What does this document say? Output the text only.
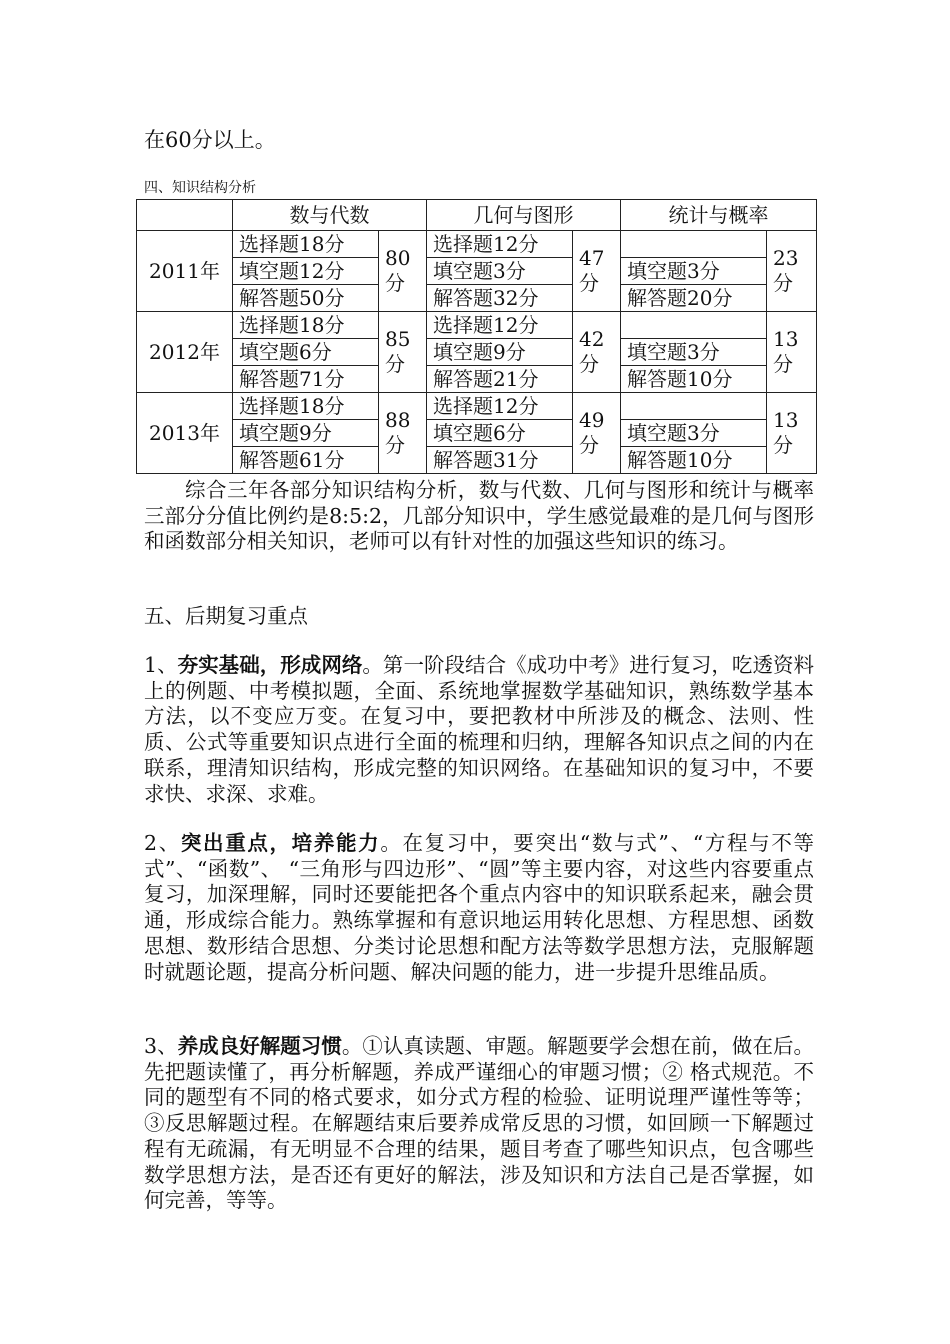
在60分以上。
四、知识结构分析
	数与代数		几何与图形		统计与概率	
2011年	选择题18分	80分	选择题12分	47分		23分
	填空题12分		填空题3分		填空题3分	
	解答题50分		解答题32分		解答题20分	
2012年	选择题18分	85分	选择题12分	42分		13分
	填空题6分		填空题9分		填空题3分	
	解答题71分		解答题21分		解答题10分	
2013年	选择题18分	88分	选择题12分	49分		13分
	填空题9分		填空题6分		填空题3分	
	解答题61分		解答题31分		解答题10分	

综合三年各部分知识结构分析，数与代数、几何与图形和统计与概率三部分分值比例约是8:5:2，几部分知识中，学生感觉最难的是几何与图形和函数部分相关知识，老师可以有针对性的加强这些知识的练习。

五、后期复习重点

1、夯实基础，形成网络。第一阶段结合《成功中考》进行复习，吃透资料上的例题、中考模拟题，全面、系统地掌握数学基础知识，熟练数学基本方法，以不变应万变。在复习中，要把教材中所涉及的概念、法则、性质、公式等重要知识点进行全面的梳理和归纳，理解各知识点之间的内在联系，理清知识结构，形成完整的知识网络。在基础知识的复习中，不要求快、求深、求难。

2、突出重点，培养能力。在复习中，要突出“数与式”、“方程与不等式”、“函数”、 “三角形与四边形”、“圆”等主要内容，对这些内容要重点复习，加深理解，同时还要能把各个重点内容中的知识联系起来，融会贯通，形成综合能力。熟练掌握和有意识地运用转化思想、方程思想、函数思想、数形结合思想、分类讨论思想和配方法等数学思想方法，克服解题时就题论题，提高分析问题、解决问题的能力，进一步提升思维品质。

3、养成良好解题习惯。①认真读题、审题。解题要学会想在前，做在后。先把题读懂了，再分析解题，养成严谨细心的审题习惯；② 格式规范。不同的题型有不同的格式要求，如分式方程的检验、证明说理严谨性等等；③反思解题过程。在解题结束后要养成常反思的习惯，如回顾一下解题过程有无疏漏，有无明显不合理的结果，题目考查了哪些知识点，包含哪些数学思想方法，是否还有更好的解法，涉及知识和方法自己是否掌握，如何完善，等等。
